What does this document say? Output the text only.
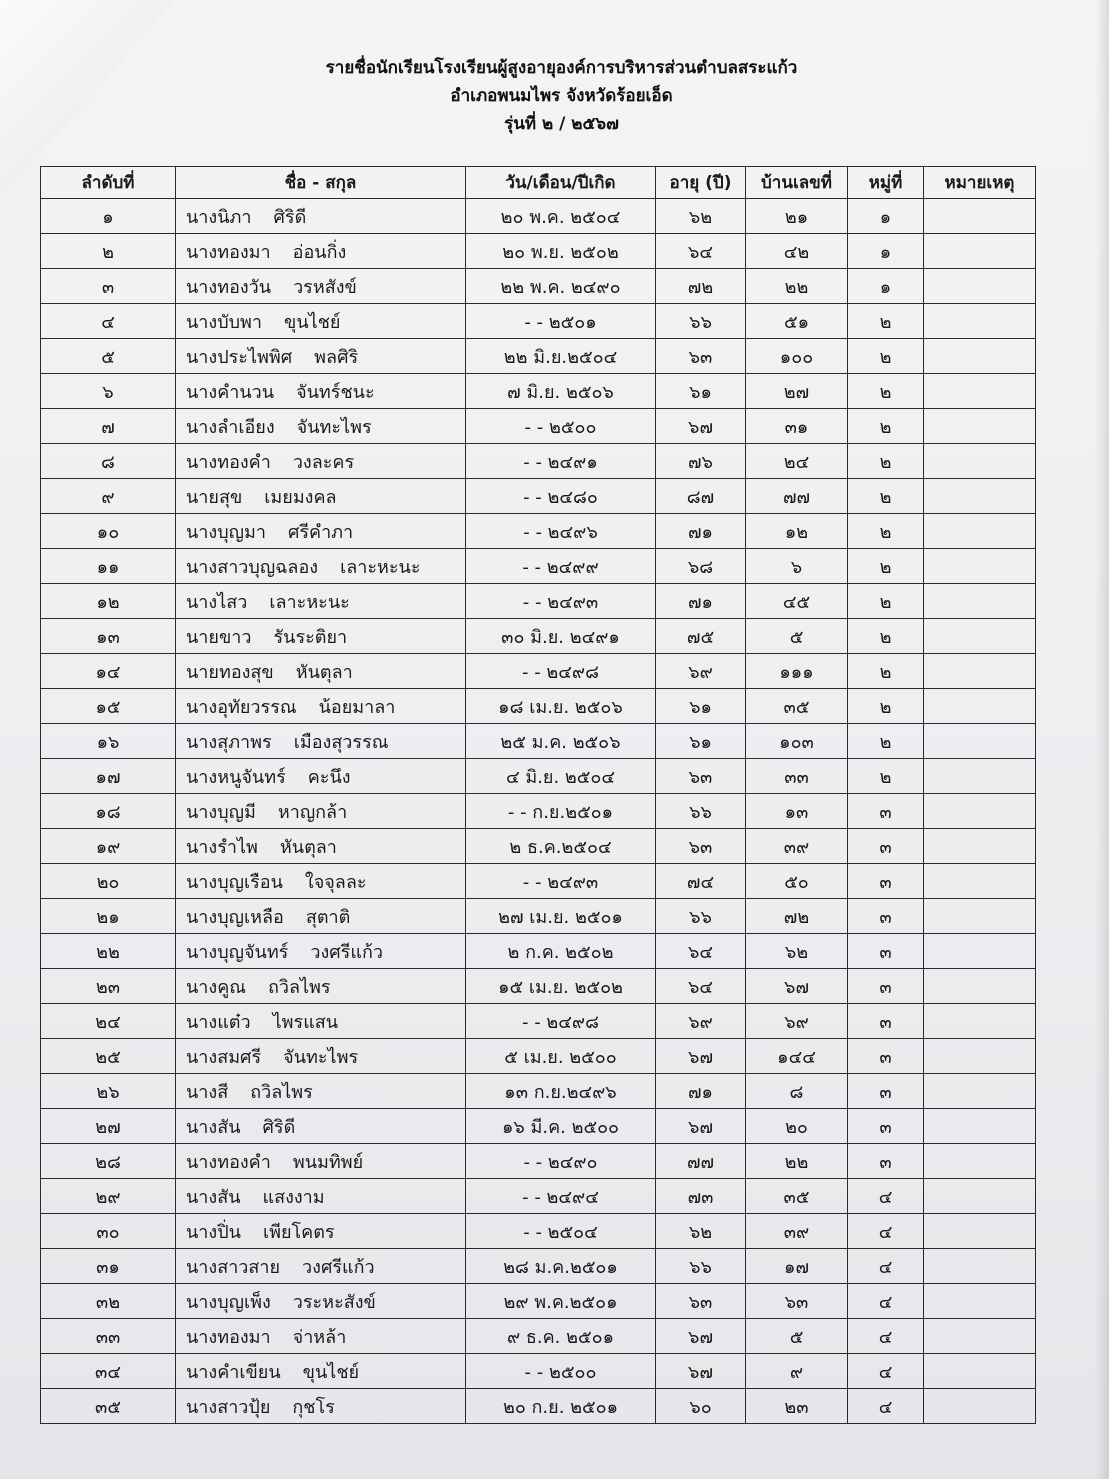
รายชื่อนักเรียนโรงเรียนผู้สูงอายุองค์การบริหารส่วนตำบลสระแก้ว
อำเภอพนมไพร จังหวัดร้อยเอ็ด
รุ่นที่ ๒ / ๒๕๖๗
ลำดับที่	ชื่อ - สกุล	วัน/เดือน/ปีเกิด	อายุ (ปี)	บ้านเลขที่	หมู่ที่	หมายเหตุ
๑	นางนิภา ศิริดี	๒๐ พ.ค. ๒๕๐๔	๖๒	๒๑	๑	
๒	นางทองมา อ่อนกิ่ง	๒๐ พ.ย. ๒๕๐๒	๖๔	๔๒	๑	
๓	นางทองวัน วรหสังข์	๒๒ พ.ค. ๒๔๙๐	๗๒	๒๒	๑	
๔	นางบับพา ขุนไชย์	- - ๒๕๐๑	๖๖	๕๑	๒	
๕	นางประไพพิศ พลศิริ	๒๒ มิ.ย.๒๕๐๔	๖๓	๑๐๐	๒	
๖	นางคำนวน จันทร์ชนะ	๗ มิ.ย. ๒๕๐๖	๖๑	๒๗	๒	
๗	นางลำเอียง จันทะไพร	- - ๒๕๐๐	๖๗	๓๑	๒	
๘	นางทองคำ วงละคร	- - ๒๔๙๑	๗๖	๒๔	๒	
๙	นายสุข เมยมงคล	- - ๒๔๘๐	๘๗	๗๗	๒	
๑๐	นางบุญมา ศรีคำภา	- - ๒๔๙๖	๗๑	๑๒	๒	
๑๑	นางสาวบุญฉลอง เลาะหะนะ	- - ๒๔๙๙	๖๘	๖	๒	
๑๒	นางไสว เลาะหะนะ	- - ๒๔๙๓	๗๑	๔๕	๒	
๑๓	นายขาว รันระติยา	๓๐ มิ.ย. ๒๔๙๑	๗๕	๕	๒	
๑๔	นายทองสุข หันตุลา	- - ๒๔๙๘	๖๙	๑๑๑	๒	
๑๕	นางอุทัยวรรณ น้อยมาลา	๑๘ เม.ย. ๒๕๐๖	๖๑	๓๕	๒	
๑๖	นางสุภาพร เมืองสุวรรณ	๒๕ ม.ค. ๒๕๐๖	๖๑	๑๐๓	๒	
๑๗	นางหนูจันทร์ คะนึง	๔ มิ.ย. ๒๕๐๔	๖๓	๓๓	๒	
๑๘	นางบุญมี หาญกล้า	- - ก.ย.๒๕๐๑	๖๖	๑๓	๓	
๑๙	นางรำไพ หันตุลา	๒ ธ.ค.๒๕๐๔	๖๓	๓๙	๓	
๒๐	นางบุญเรือน ใจจุลละ	- - ๒๔๙๓	๗๔	๕๐	๓	
๒๑	นางบุญเหลือ สุตาติ	๒๗ เม.ย. ๒๕๐๑	๖๖	๗๒	๓	
๒๒	นางบุญจันทร์ วงศรีแก้ว	๒ ก.ค. ๒๕๐๒	๖๔	๖๒	๓	
๒๓	นางคูณ ถวิลไพร	๑๕ เม.ย. ๒๕๐๒	๖๔	๖๗	๓	
๒๔	นางแต๋ว ไพรแสน	- - ๒๔๙๘	๖๙	๖๙	๓	
๒๕	นางสมศรี จันทะไพร	๕ เม.ย. ๒๕๐๐	๖๗	๑๔๔	๓	
๒๖	นางสี ถวิลไพร	๑๓ ก.ย.๒๔๙๖	๗๑	๘	๓	
๒๗	นางสัน ศิริดี	๑๖ มี.ค. ๒๕๐๐	๖๗	๒๐	๓	
๒๘	นางทองคำ พนมทิพย์	- - ๒๔๙๐	๗๗	๒๒	๓	
๒๙	นางสัน แสงงาม	- - ๒๔๙๔	๗๓	๓๕	๔	
๓๐	นางปิ่น เพียโคตร	- - ๒๕๐๔	๖๒	๓๙	๔	
๓๑	นางสาวสาย วงศรีแก้ว	๒๘ ม.ค.๒๕๐๑	๖๖	๑๗	๔	
๓๒	นางบุญเพ็ง วระหะสังข์	๒๙ พ.ค.๒๕๐๑	๖๓	๖๓	๔	
๓๓	นางทองมา จ่าหล้า	๙ ธ.ค. ๒๕๐๑	๖๗	๕	๔	
๓๔	นางคำเขียน ขุนไชย์	- - ๒๕๐๐	๖๗	๙	๔	
๓๕	นางสาวปุ้ย กุชโร	๒๐ ก.ย. ๒๕๐๑	๖๐	๒๓	๔	
